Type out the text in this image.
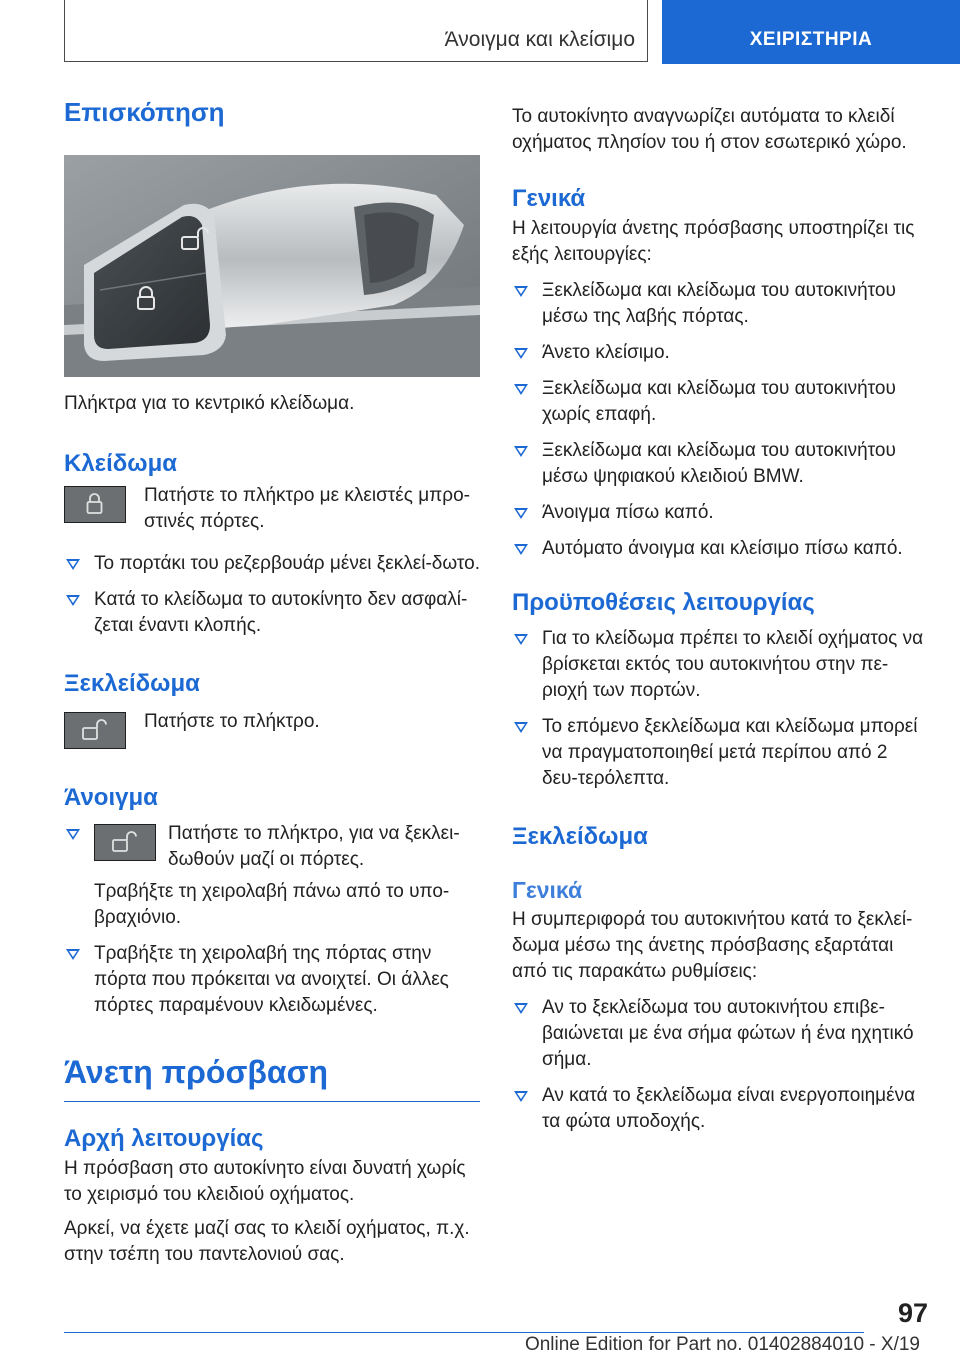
Άνοιγμα και κλείσιμο	ΧΕΙΡΙΣΤΗΡΙΑ
Επισκόπηση

Πλήκτρα για το κεντρικό κλείδωμα.

Κλείδωμα

Πατήστε το πλήκτρο με κλειστές μπρο-στινές πόρτες.

Το πορτάκι του ρεζερβουάρ μένει ξεκλεί-δωτο.
Κατά το κλείδωμα το αυτοκίνητο δεν ασφαλί-ζεται έναντι κλοπής.
Ξεκλείδωμα

Πατήστε το πλήκτρο.

Άνοιγμα

Πατήστε το πλήκτρο, για να ξεκλει-δωθούν μαζί οι πόρτες.

Τραβήξτε τη χειρολαβή πάνω από το υπο-βραχιόνιο.

Τραβήξτε τη χειρολαβή της πόρτας στην πόρτα που πρόκειται να ανοιχτεί. Οι άλλες πόρτες παραμένουν κλειδωμένες.
Άνετη πρόσβαση
Αρχή λειτουργίας

Η πρόσβαση στο αυτοκίνητο είναι δυνατή χωρίς το χειρισμό του κλειδιού οχήματος.

Αρκεί, να έχετε μαζί σας το κλειδί οχήματος, π.χ. στην τσέπη του παντελονιού σας.

Το αυτοκίνητο αναγνωρίζει αυτόματα το κλειδί οχήματος πλησίον του ή στον εσωτερικό χώρο.

Γενικά

Η λειτουργία άνετης πρόσβασης υποστηρίζει τις εξής λειτουργίες:

Ξεκλείδωμα και κλείδωμα του αυτοκινήτου μέσω της λαβής πόρτας.
Άνετο κλείσιμο.
Ξεκλείδωμα και κλείδωμα του αυτοκινήτου χωρίς επαφή.
Ξεκλείδωμα και κλείδωμα του αυτοκινήτου μέσω ψηφιακού κλειδιού BMW.
Άνοιγμα πίσω καπό.
Αυτόματο άνοιγμα και κλείσιμο πίσω καπό.
Προϋποθέσεις λειτουργίας
Για το κλείδωμα πρέπει το κλειδί οχήματος να βρίσκεται εκτός του αυτοκινήτου στην πε-ριοχή των πορτών.
Το επόμενο ξεκλείδωμα και κλείδωμα μπορεί να πραγματοποιηθεί μετά περίπου από 2 δευ-τερόλεπτα.
Ξεκλείδωμα
Γενικά

Η συμπεριφορά του αυτοκινήτου κατά το ξεκλεί-δωμα μέσω της άνετης πρόσβασης εξαρτάται από τις παρακάτω ρυθμίσεις:

Αν το ξεκλείδωμα του αυτοκινήτου επιβε-βαιώνεται με ένα σήμα φώτων ή ένα ηχητικό σήμα.
Αν κατά το ξεκλείδωμα είναι ενεργοποιημένα τα φώτα υποδοχής.
97
Online Edition for Part no. 01402884010 - X/19
